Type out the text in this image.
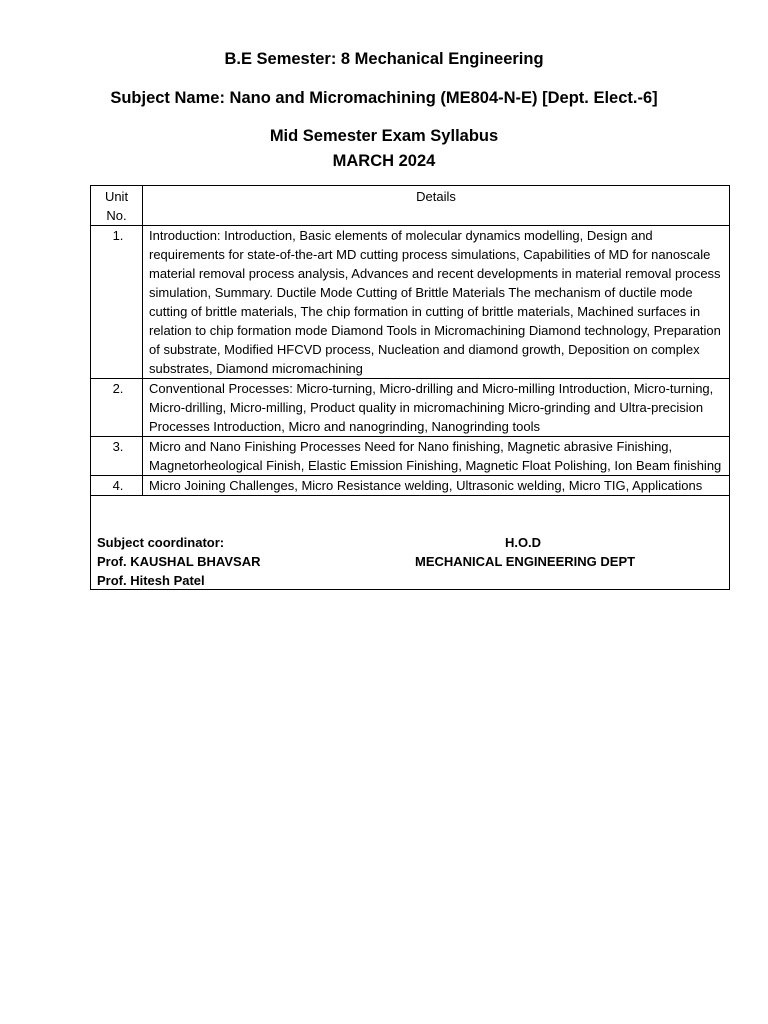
B.E Semester: 8 Mechanical Engineering
Subject Name: Nano and Micromachining (ME804-N-E) [Dept. Elect.-6]
Mid Semester Exam Syllabus
MARCH 2024
Unit No.	Details
1.	Introduction: Introduction, Basic elements of molecular dynamics modelling, Design and requirements for state-of-the-art MD cutting process simulations, Capabilities of MD for nanoscale material removal process analysis, Advances and recent developments in material removal process simulation, Summary. Ductile Mode Cutting of Brittle Materials The mechanism of ductile mode cutting of brittle materials, The chip formation in cutting of brittle materials, Machined surfaces in relation to chip formation mode Diamond Tools in Micromachining Diamond technology, Preparation of substrate, Modified HFCVD process, Nucleation and diamond growth, Deposition on complex substrates, Diamond micromachining
2.	Conventional Processes: Micro-turning, Micro-drilling and Micro-milling Introduction, Micro-turning, Micro-drilling, Micro-milling, Product quality in micromachining Micro-grinding and Ultra-precision Processes Introduction, Micro and nanogrinding, Nanogrinding tools
3.	Micro and Nano Finishing Processes Need for Nano finishing, Magnetic abrasive Finishing, Magnetorheological Finish, Elastic Emission Finishing, Magnetic Float Polishing, Ion Beam finishing
4.	Micro Joining Challenges, Micro Resistance welding, Ultrasonic welding, Micro TIG, Applications

Subject coordinator:
Prof. KAUSHAL BHAVSAR
Prof. Hitesh Patel
H.O.D
MECHANICAL ENGINEERING DEPT	
